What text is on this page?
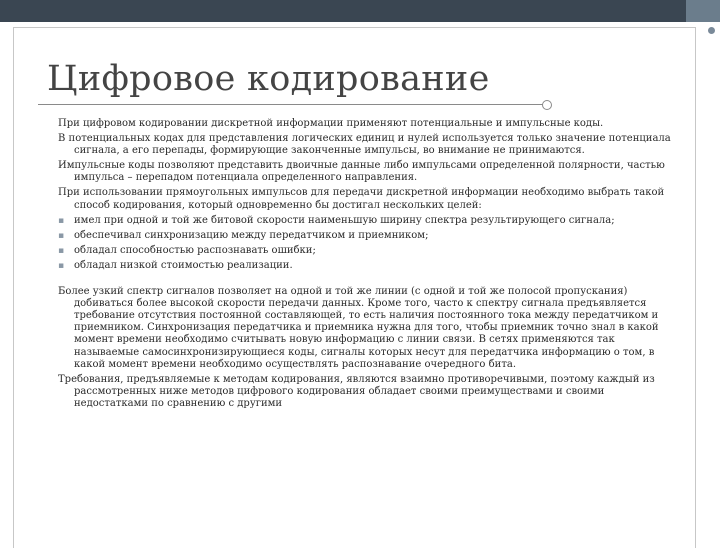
Цифровое кодирование

При цифровом кодировании дискретной информации применяют потенциальные и импульсные коды.

В потенциальных кодах для представления логических единиц и нулей используется только значение потенциала сигнала, а его перепады, формирующие законченные импульсы, во внимание не принимаются.

Импульсные коды позволяют представить двоичные данные либо импульсами определенной полярности, частью импульса – перепадом потенциала определенного направления.

При использовании прямоугольных импульсов для передачи дискретной информации необходимо выбрать такой способ кодирования, который одновременно бы достигал нескольких целей:

▪ имел при одной и той же битовой скорости наименьшую ширину спектра результирующего сигнала;
▪ обеспечивал синхронизацию между передатчиком и приемником;
▪ обладал способностью распознавать ошибки;
▪ обладал низкой стоимостью реализации.

Более узкий спектр сигналов позволяет на одной и той же линии (с одной и той же полосой пропускания) добиваться более высокой скорости передачи данных. Кроме того, часто к спектру сигнала предъявляется требование отсутствия постоянной составляющей, то есть наличия постоянного тока между передатчиком и приемником. Синхронизация передатчика и приемника нужна для того, чтобы приемник точно знал в какой момент времени необходимо считывать новую информацию с линии связи. В сетях применяются так называемые самосинхронизирующиеся коды, сигналы которых несут для передатчика информацию о том, в какой момент времени необходимо осуществлять распознавание очередного бита.

Требования, предъявляемые к методам кодирования, являются взаимно противоречивыми, поэтому каждый из рассмотренных ниже методов цифрового кодирования обладает своими преимуществами и своими недостатками по сравнению с другими
